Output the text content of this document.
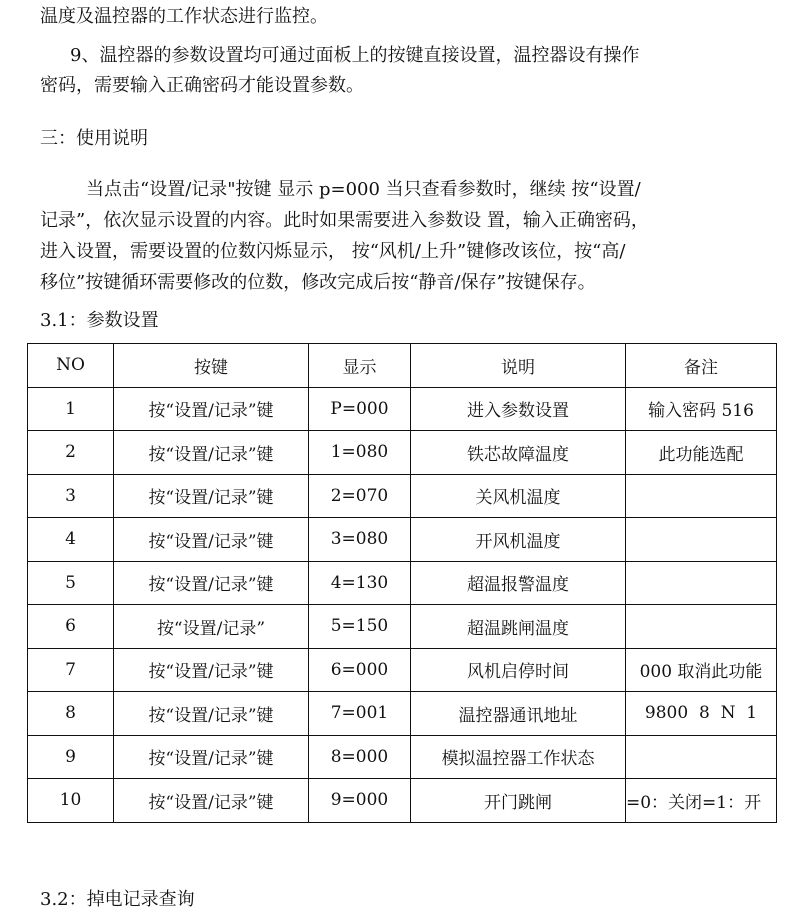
温度及温控器的工作状态进行监控。
9、温控器的参数设置均可通过面板上的按键直接设置，温控器设有操作
密码，需要输入正确密码才能设置参数。
三：使用说明
当点击“设置/记录"按键 显示 p=000 当只查看参数时，继续 按“设置/
记录”，依次显示设置的内容。此时如果需要进入参数设 置，输入正确密码，
进入设置，需要设置的位数闪烁显示， 按“风机/上升”键修改该位，按“高/
移位”按键循环需要修改的位数，修改完成后按“静音/保存”按键保存。
3.1：参数设置
NO	按键	显示	说明	备注
1	按“设置/记录”键	P=000	进入参数设置	输入密码 516
2	按“设置/记录”键	1=080	铁芯故障温度	此功能选配
3	按“设置/记录”键	2=070	关风机温度	
4	按“设置/记录”键	3=080	开风机温度	
5	按“设置/记录”键	4=130	超温报警温度	
6	按“设置/记录”	5=150	超温跳闸温度	
7	按“设置/记录”键	6=000	风机启停时间	000 取消此功能
8	按“设置/记录”键	7=001	温控器通讯地址	9800  8  N  1
9	按“设置/记录”键	8=000	模拟温控器工作状态	
10	按“设置/记录”键	9=000	开门跳闸	=0：关闭=1：开
3.2：掉电记录查询
